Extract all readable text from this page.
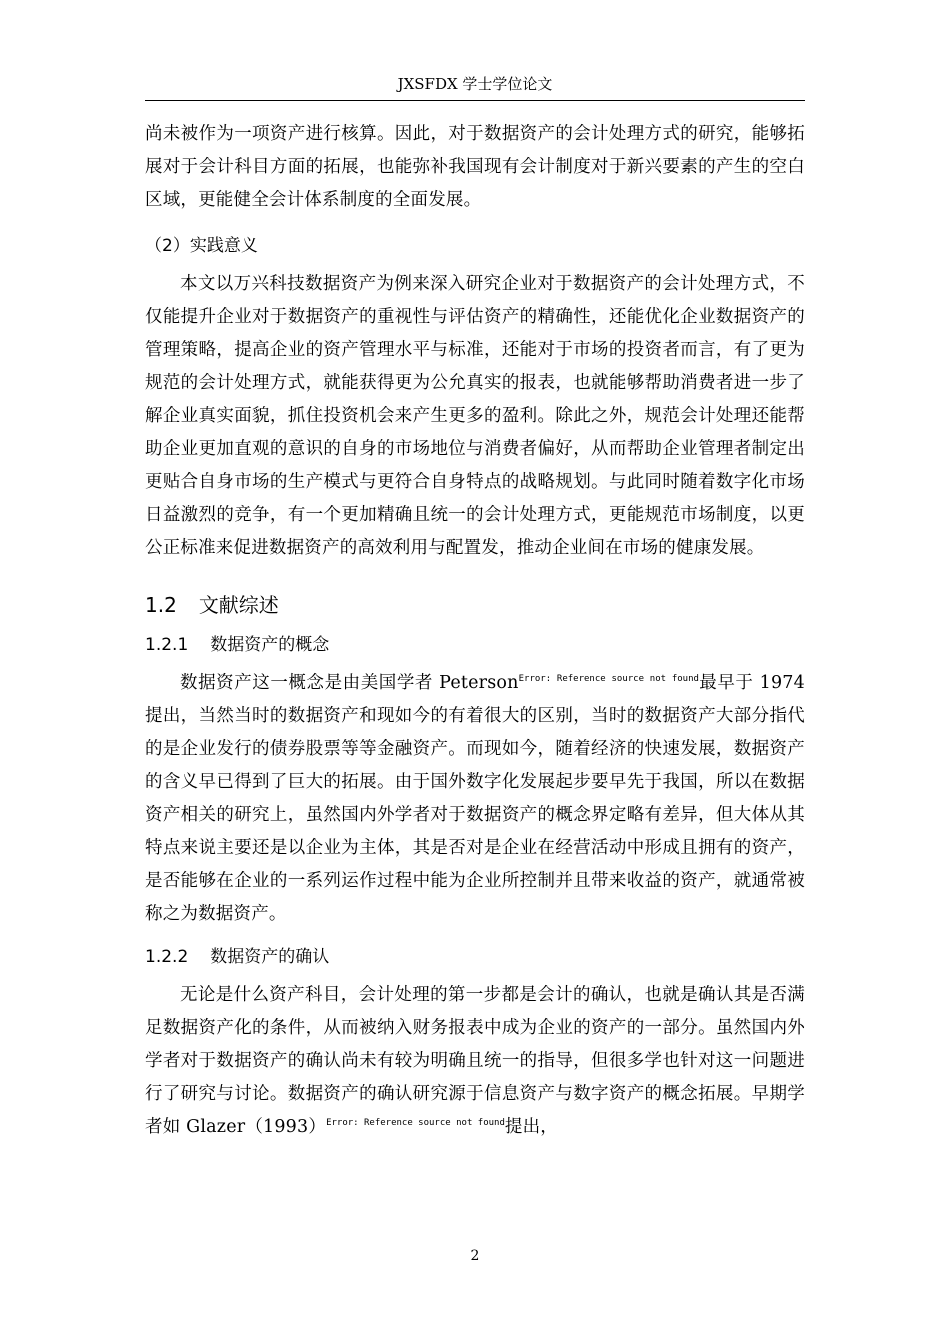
JXSFDX 学士学位论文

尚未被作为一项资产进行核算。因此，对于数据资产的会计处理方式的研究，能够拓展对于会计科目方面的拓展，也能弥补我国现有会计制度对于新兴要素的产生的空白区域，更能健全会计体系制度的全面发展。

（2）实践意义

本文以万兴科技数据资产为例来深入研究企业对于数据资产的会计处理方式，不仅能提升企业对于数据资产的重视性与评估资产的精确性，还能优化企业数据资产的管理策略，提高企业的资产管理水平与标准，还能对于市场的投资者而言，有了更为规范的会计处理方式，就能获得更为公允真实的报表，也就能够帮助消费者进一步了解企业真实面貌，抓住投资机会来产生更多的盈利。除此之外，规范会计处理还能帮助企业更加直观的意识的自身的市场地位与消费者偏好，从而帮助企业管理者制定出更贴合自身市场的生产模式与更符合自身特点的战略规划。与此同时随着数字化市场日益激烈的竞争，有一个更加精确且统一的会计处理方式，更能规范市场制度，以更公正标准来促进数据资产的高效利用与配置发，推动企业间在市场的健康发展。

1.2 文献综述
1.2.1 数据资产的概念

数据资产这一概念是由美国学者 Peterson$^{Error: Reference source not found}$最早于 1974 提出，当然当时的数据资产和现如今的有着很大的区别，当时的数据资产大部分指代的是企业发行的债券股票等等金融资产。而现如今，随着经济的快速发展，数据资产的含义早已得到了巨大的拓展。由于国外数字化发展起步要早先于我国，所以在数据资产相关的研究上，虽然国内外学者对于数据资产的概念界定略有差异，但大体从其特点来说主要还是以企业为主体，其是否对是企业在经营活动中形成且拥有的资产，是否能够在企业的一系列运作过程中能为企业所控制并且带来收益的资产，就通常被称之为数据资产。

1.2.2 数据资产的确认

无论是什么资产科目，会计处理的第一步都是会计的确认，也就是确认其是否满足数据资产化的条件，从而被纳入财务报表中成为企业的资产的一部分。虽然国内外学者对于数据资产的确认尚未有较为明确且统一的指导，但很多学也针对这一问题进行了研究与讨论。数据资产的确认研究源于信息资产与数字资产的概念拓展。早期学者如 Glazer（1993）$^{Error: Reference source not found}$提出，

2
